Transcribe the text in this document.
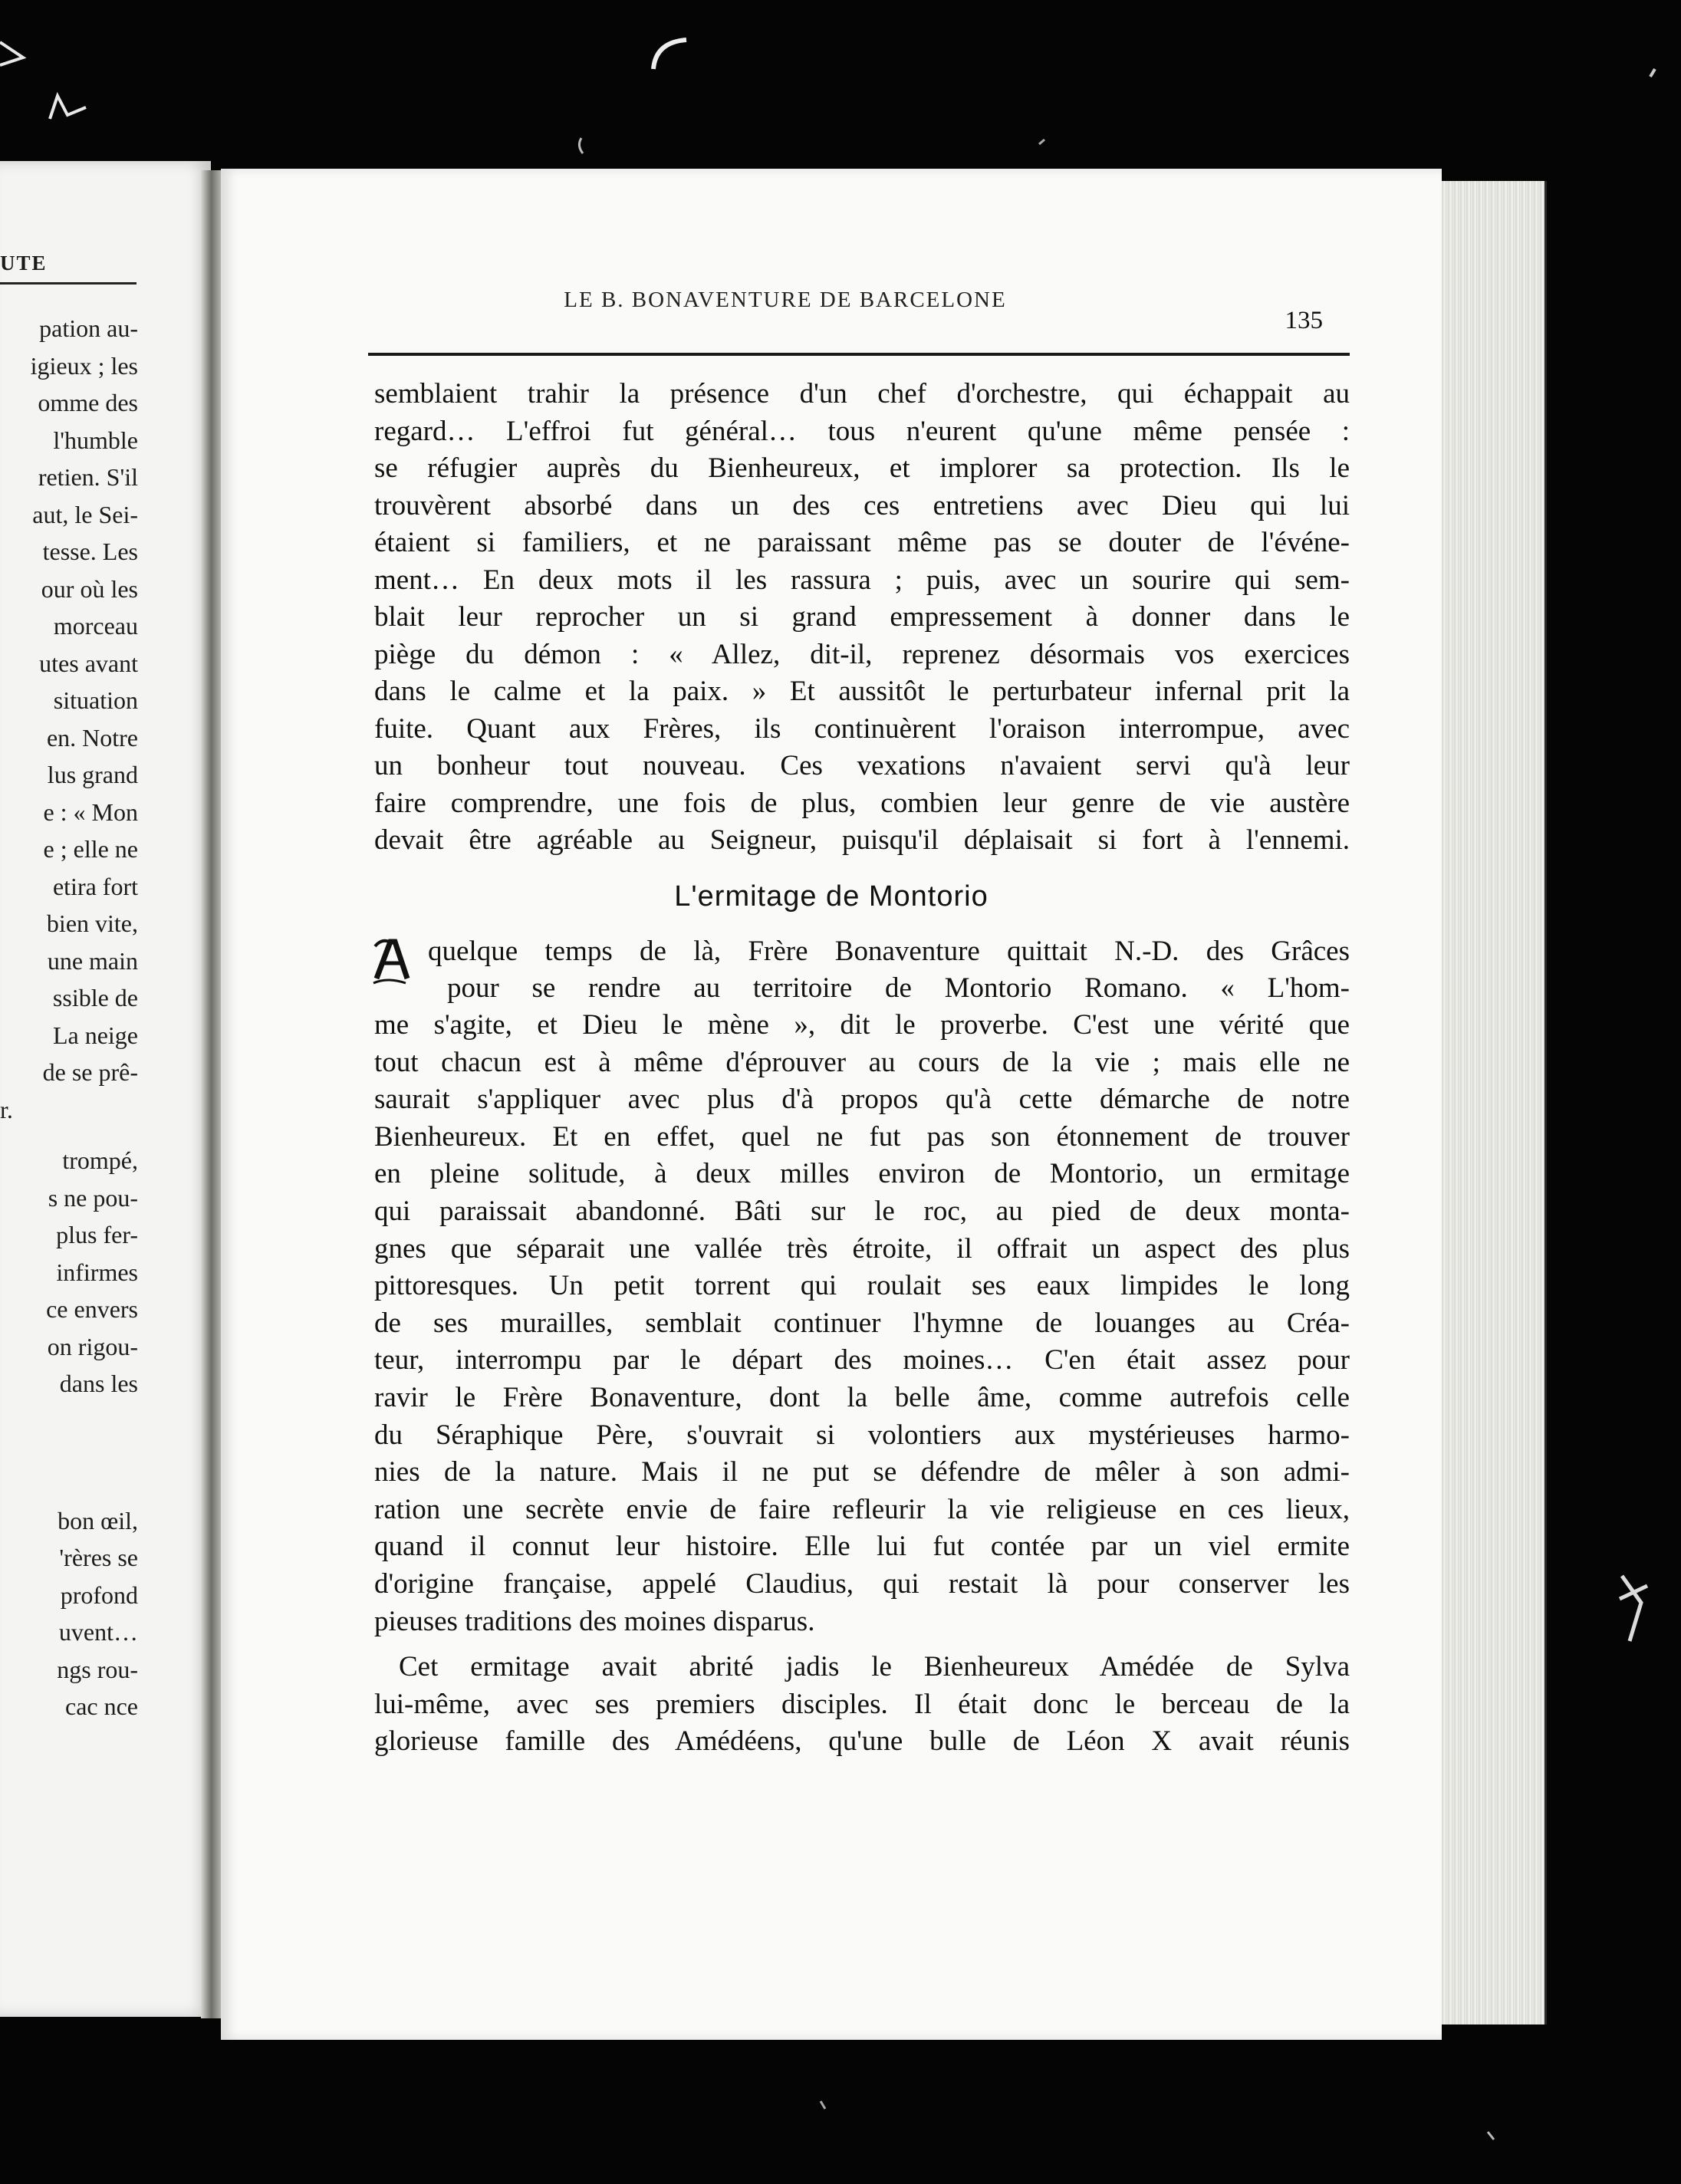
UTE
pation au-
igieux ; les
omme des
l'humble
retien. S'il
aut, le Sei-
tesse. Les
our où les
morceau
utes avant
situation
en. Notre
lus grand
e : « Mon
e ; elle ne
etira fort
bien vite,
une main
ssible de
La neige
de se prê-
r.
trompé,
s ne pou-
plus fer-
infirmes
ce envers
on rigou-
dans les
bon œil,
'rères se
profond
uvent…
ngs rou-
cac nce
LE B. BONAVENTURE DE BARCELONE
135
semblaient trahir la présence d'un chef d'orchestre, qui échappait au
regard… L'effroi fut général… tous n'eurent qu'une même pensée :
se réfugier auprès du Bienheureux, et implorer sa protection. Ils le
trouvèrent absorbé dans un des ces entretiens avec Dieu qui lui
étaient si familiers, et ne paraissant même pas se douter de l'événe-
ment… En deux mots il les rassura ; puis, avec un sourire qui sem-
blait leur reprocher un si grand empressement à donner dans le
piège du démon : « Allez, dit-il, reprenez désormais vos exercices
dans le calme et la paix. » Et aussitôt le perturbateur infernal prit la
fuite. Quant aux Frères, ils continuèrent l'oraison interrompue, avec
un bonheur tout nouveau. Ces vexations n'avaient servi qu'à leur
faire comprendre, une fois de plus, combien leur genre de vie austère
devait être agréable au Seigneur, puisqu'il déplaisait si fort à l'ennemi.
L'ermitage de Montorio
quelque temps de là, Frère Bonaventure quittait N.-D. des Grâces
pour se rendre au territoire de Montorio Romano. « L'hom-
me s'agite, et Dieu le mène », dit le proverbe. C'est une vérité que
tout chacun est à même d'éprouver au cours de la vie ; mais elle ne
saurait s'appliquer avec plus d'à propos qu'à cette démarche de notre
Bienheureux. Et en effet, quel ne fut pas son étonnement de trouver
en pleine solitude, à deux milles environ de Montorio, un ermitage
qui paraissait abandonné. Bâti sur le roc, au pied de deux monta-
gnes que séparait une vallée très étroite, il offrait un aspect des plus
pittoresques. Un petit torrent qui roulait ses eaux limpides le long
de ses murailles, semblait continuer l'hymne de louanges au Créa-
teur, interrompu par le départ des moines… C'en était assez pour
ravir le Frère Bonaventure, dont la belle âme, comme autrefois celle
du Séraphique Père, s'ouvrait si volontiers aux mystérieuses harmo-
nies de la nature. Mais il ne put se défendre de mêler à son admi-
ration une secrète envie de faire refleurir la vie religieuse en ces lieux,
quand il connut leur histoire. Elle lui fut contée par un viel ermite
d'origine française, appelé Claudius, qui restait là pour conserver les
pieuses traditions des moines disparus.
Cet ermitage avait abrité jadis le Bienheureux Amédée de Sylva
lui-même, avec ses premiers disciples. Il était donc le berceau de la
glorieuse famille des Amédéens, qu'une bulle de Léon X avait réunis
